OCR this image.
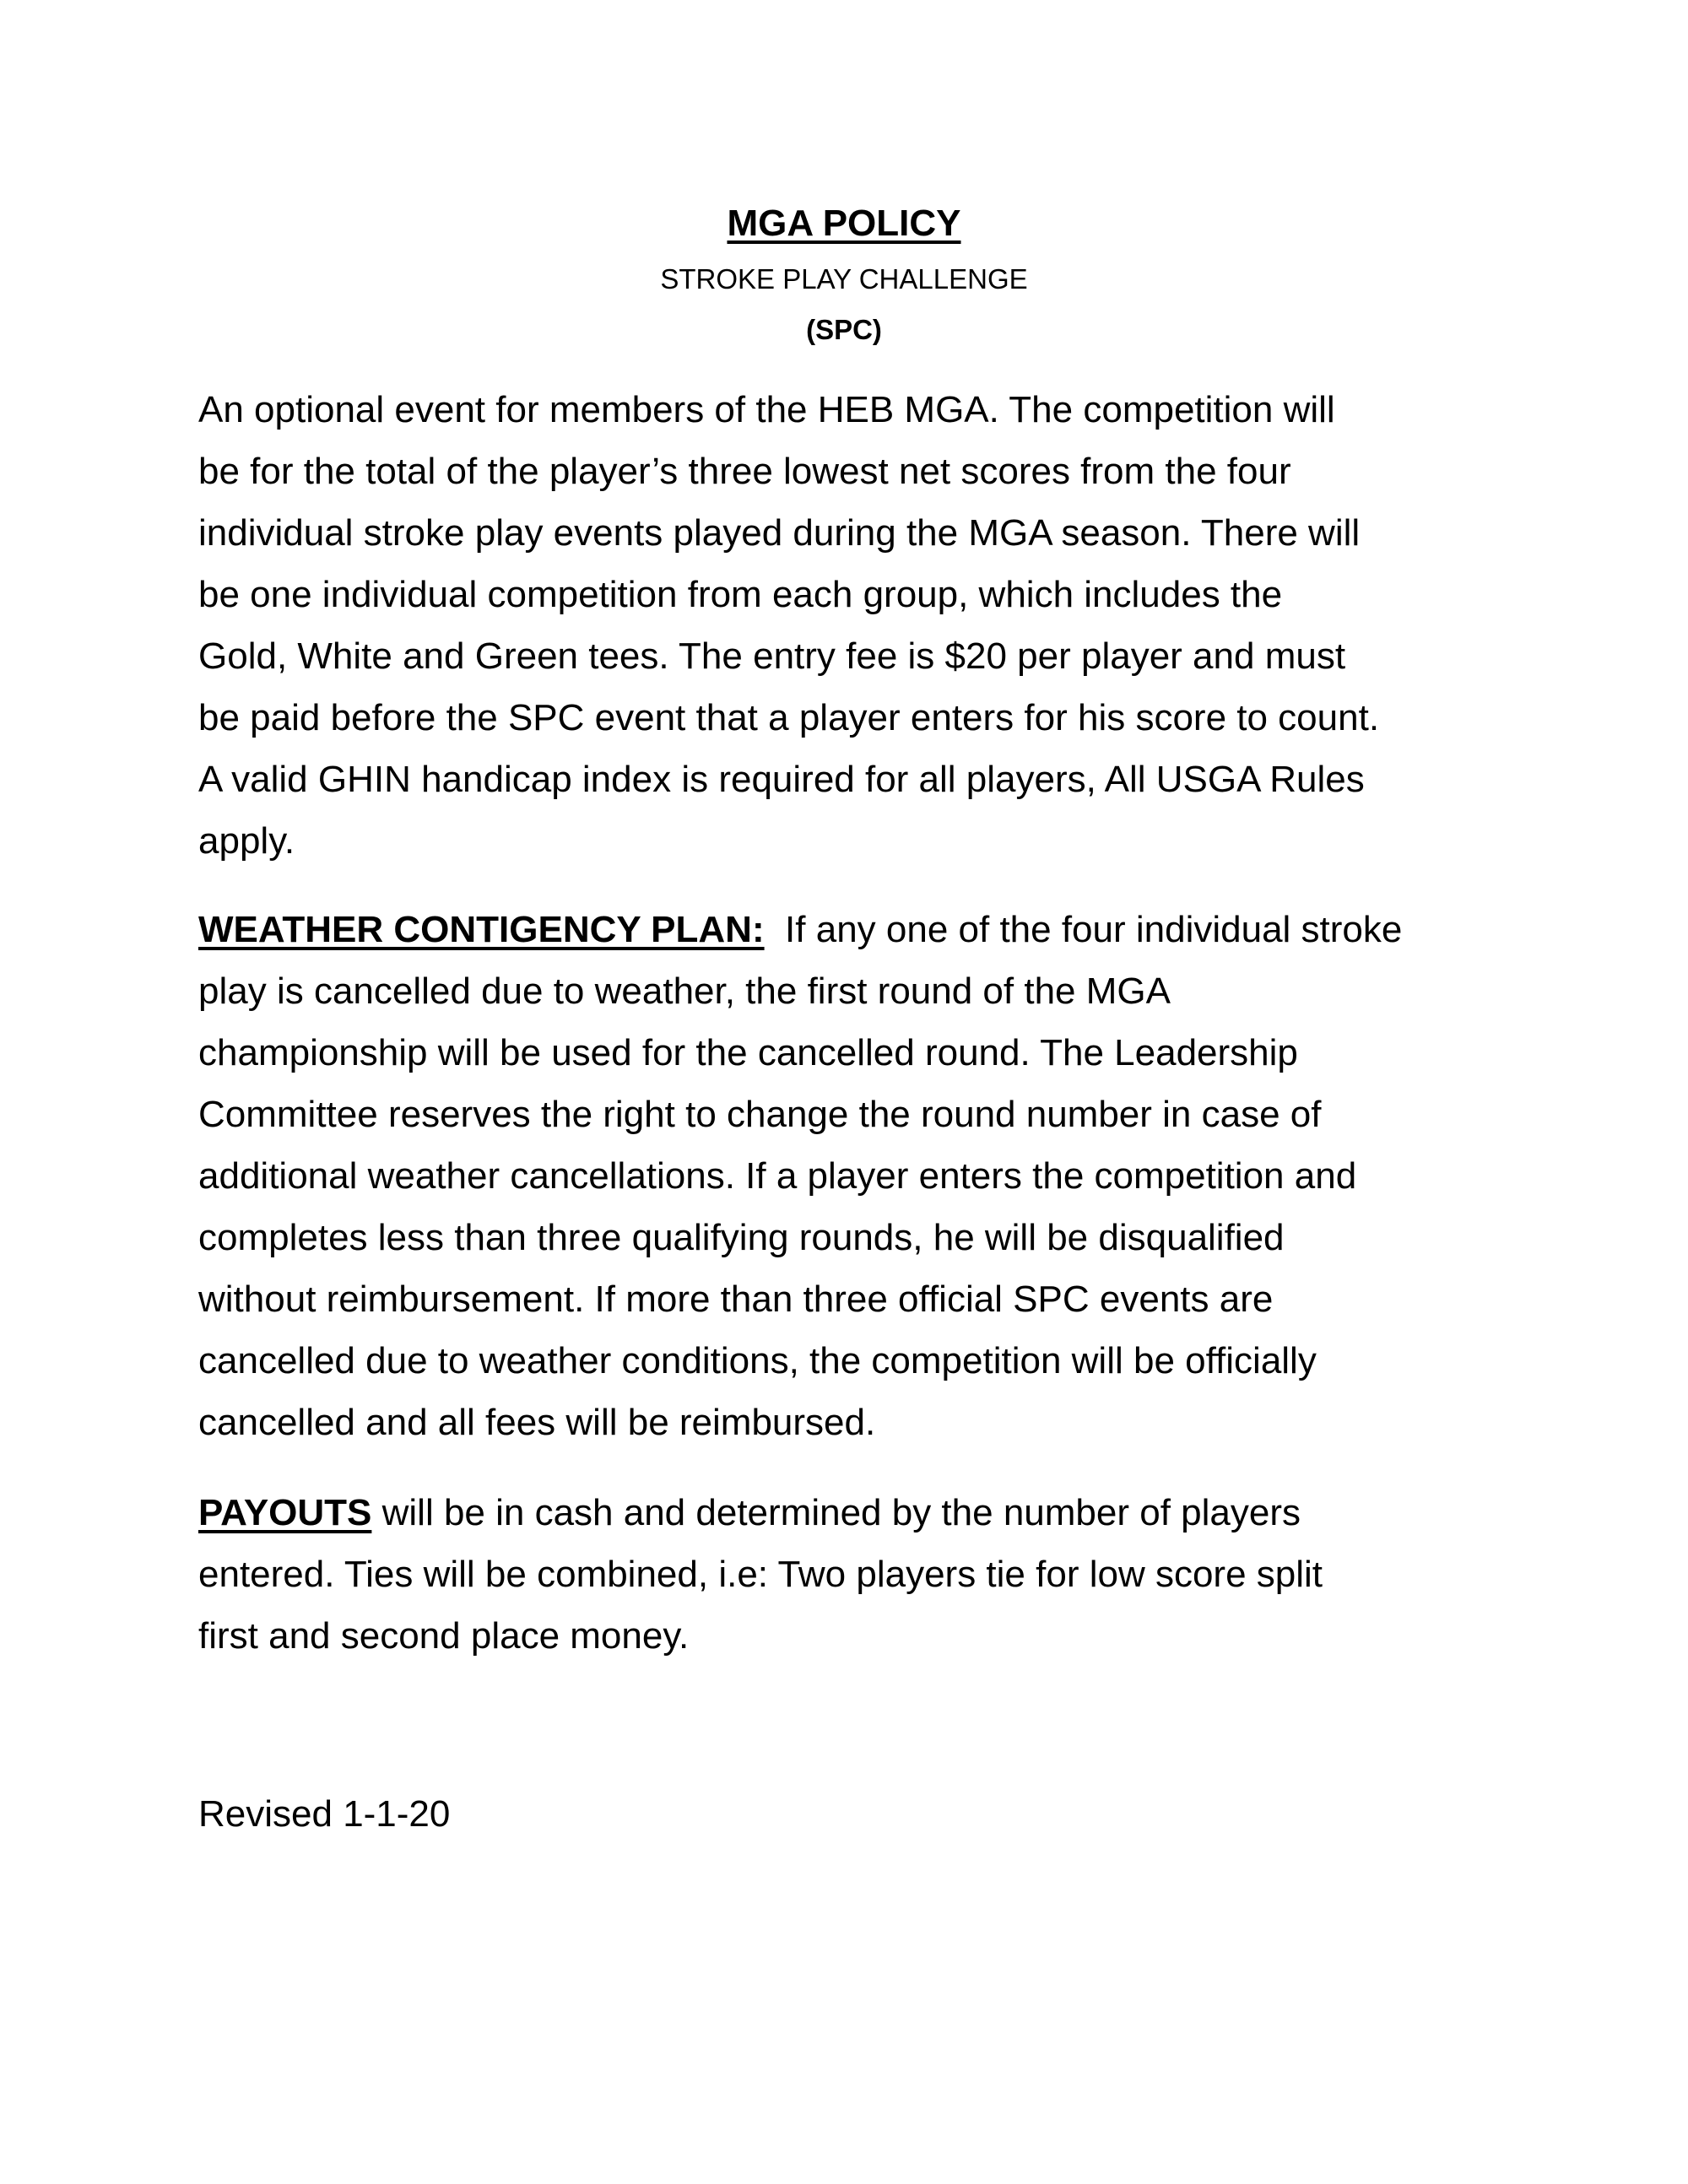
MGA POLICY
STROKE PLAY CHALLENGE
(SPC)
An optional event for members of the HEB MGA. The competition will
be for the total of the player’s three lowest net scores from the four
individual stroke play events played during the MGA season. There will
be one individual competition from each group, which includes the
Gold, White and Green tees. The entry fee is $20 per player and must
be paid before the SPC event that a player enters for his score to count.
A valid GHIN handicap index is required for all players, All USGA Rules
apply.
WEATHER CONTIGENCY PLAN:  If any one of the four individual stroke
play is cancelled due to weather, the first round of the MGA
championship will be used for the cancelled round. The Leadership
Committee reserves the right to change the round number in case of
additional weather cancellations. If a player enters the competition and
completes less than three qualifying rounds, he will be disqualified
without reimbursement. If more than three official SPC events are
cancelled due to weather conditions, the competition will be officially
cancelled and all fees will be reimbursed.
PAYOUTS will be in cash and determined by the number of players
entered. Ties will be combined, i.e: Two players tie for low score split
first and second place money.
Revised 1-1-20
